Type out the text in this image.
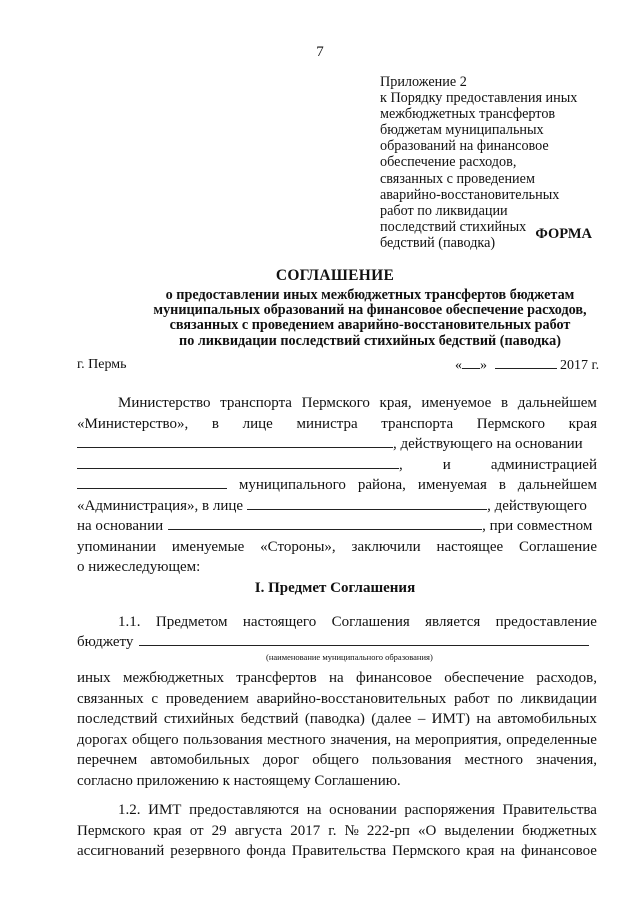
7
Приложение 2
к Порядку предоставления иных
межбюджетных трансфертов
бюджетам муниципальных
образований на финансовое
обеспечение расходов,
связанных с проведением
аварийно-восстановительных
работ по ликвидации
последствий стихийных
бедствий (паводка)
ФОРМА
СОГЛАШЕНИЕ
о предоставлении иных межбюджетных трансфертов бюджетам
муниципальных образований на финансовое обеспечение расходов,
связанных с проведением аварийно-восстановительных работ
по ликвидации последствий стихийных бедствий (паводка)
г. Пермь	« »	2017 г.
Министерство транспорта Пермского края, именуемое в дальнейшем
«Министерство», в лице министра транспорта Пермского края
, действующего на основании
,	и	администрацией
муниципального района, именуемая в дальнейшем
«Администрация», в лице	, действующего
на основании	, при совместном
упоминании именуемые «Стороны», заключили настоящее Соглашение
о нижеследующем:
I. Предмет Соглашения
1.1. Предметом настоящего Соглашения является предоставление
бюджету
(наименование муниципального образования)
иных межбюджетных трансфертов на финансовое обеспечение расходов,
связанных с проведением аварийно-восстановительных работ по ликвидации
последствий стихийных бедствий (паводка) (далее – ИМТ) на автомобильных
дорогах общего пользования местного значения, на мероприятия, определенные
перечнем автомобильных дорог общего пользования местного значения,
согласно приложению к настоящему Соглашению.
1.2. ИМТ предоставляются на основании распоряжения Правительства
Пермского края от 29 августа 2017 г. № 222-рп «О выделении бюджетных
ассигнований резервного фонда Правительства Пермского края на финансовое
